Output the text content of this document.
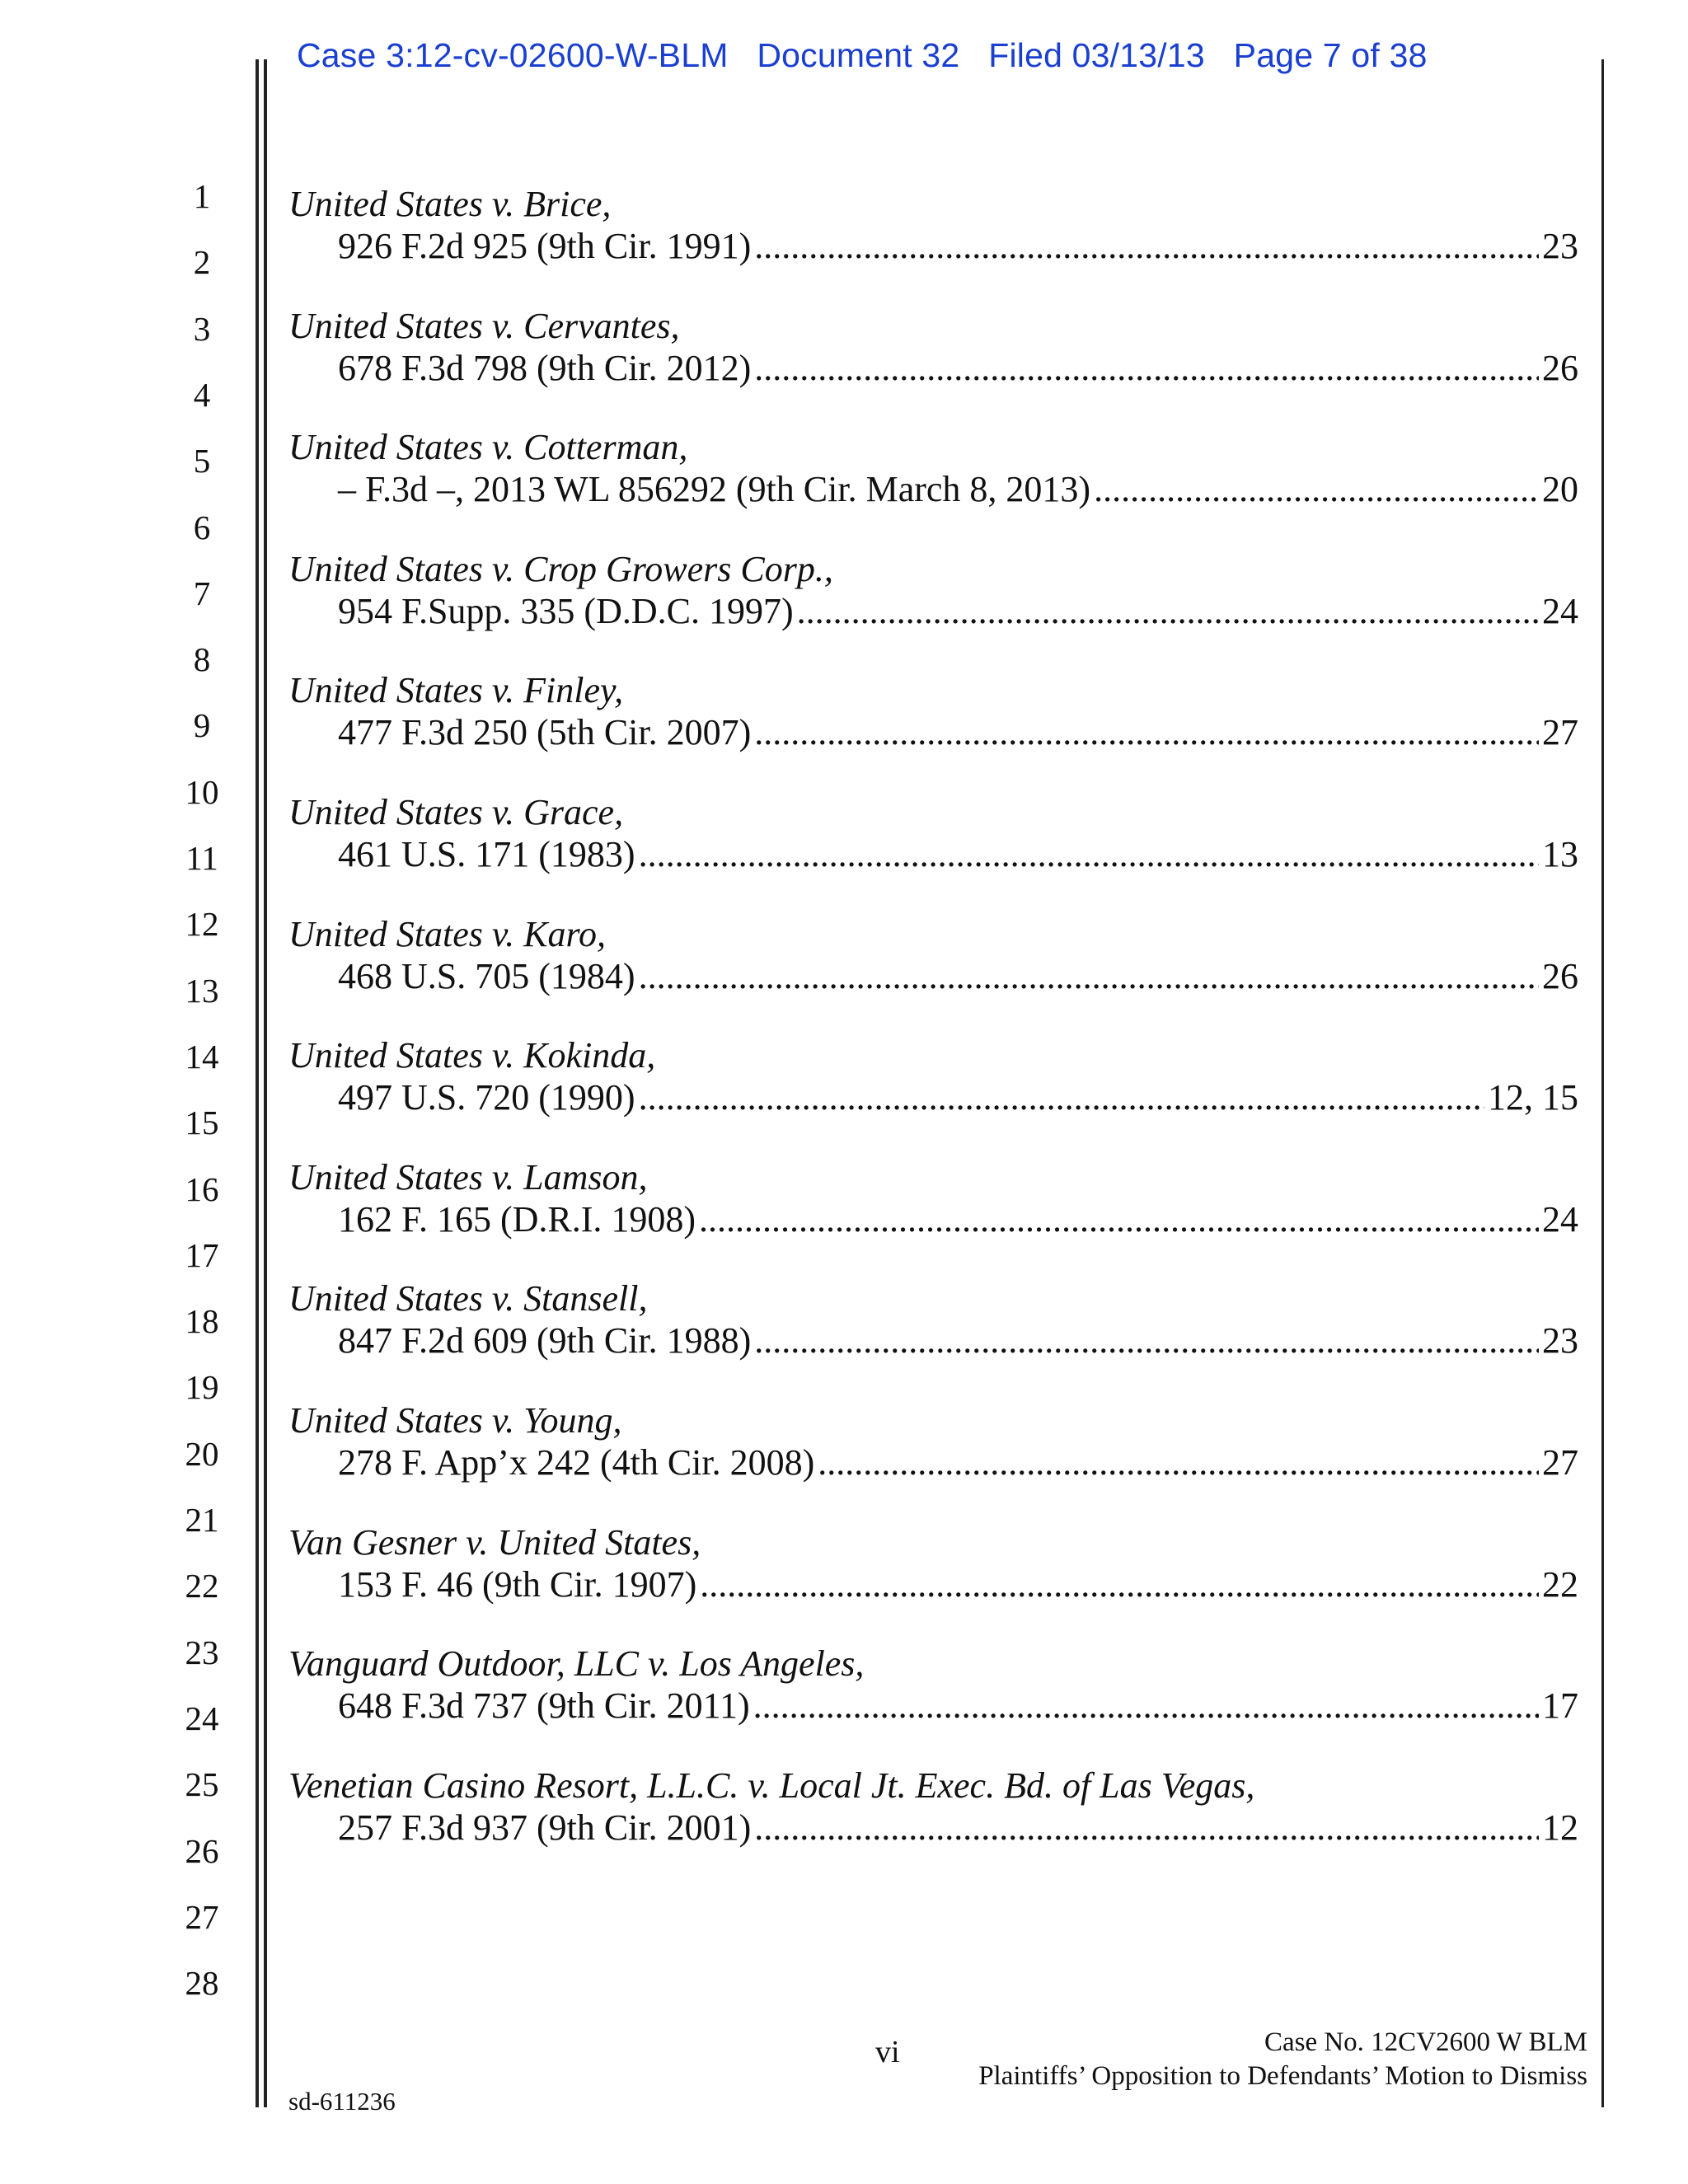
Case 3:12-cv-02600-W-BLM Document 32 Filed 03/13/13 Page 7 of 38
1
2
3
4
5
6
7
8
9
10
11
12
13
14
15
16
17
18
19
20
21
22
23
24
25
26
27
28
United States v. Brice,
926 F.2d 925 (9th Cir. 1991) .....	23
United States v. Cervantes,
678 F.3d 798 (9th Cir. 2012) .....	26
United States v. Cotterman,
– F.3d –, 2013 WL 856292 (9th Cir. March 8, 2013) .....	20
United States v. Crop Growers Corp.,
954 F.Supp. 335 (D.D.C. 1997) .....	24
United States v. Finley,
477 F.3d 250 (5th Cir. 2007) .....	27
United States v. Grace,
461 U.S. 171 (1983) .....	13
United States v. Karo,
468 U.S. 705 (1984) .....	26
United States v. Kokinda,
497 U.S. 720 (1990) .....	12, 15
United States v. Lamson,
162 F. 165 (D.R.I. 1908) .....	24
United States v. Stansell,
847 F.2d 609 (9th Cir. 1988) .....	23
United States v. Young,
278 F. App’x 242 (4th Cir. 2008) .....	27
Van Gesner v. United States,
153 F. 46 (9th Cir. 1907) .....	22
Vanguard Outdoor, LLC v. Los Angeles,
648 F.3d 737 (9th Cir. 2011) .....	17
Venetian Casino Resort, L.L.C. v. Local Jt. Exec. Bd. of Las Vegas,
257 F.3d 937 (9th Cir. 2001) .....	12
vi	Case No. 12CV2600 W BLM
Plaintiffs’ Opposition to Defendants’ Motion to Dismiss
sd-611236
